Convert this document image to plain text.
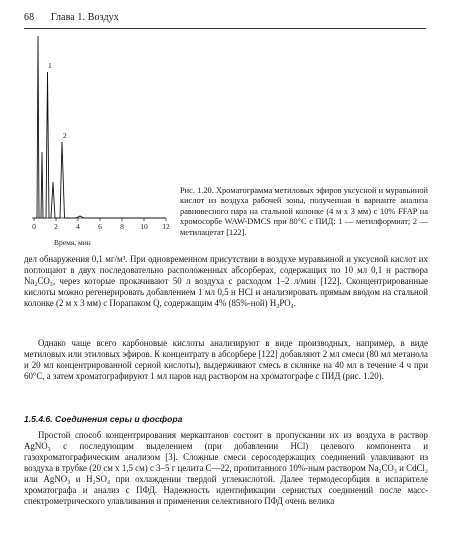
68 Глава 1. Воздух
0 2 4 6 8 10 12
1
2
Время, мин
Рис. 1.20. Хроматограмма метиловых эфиров уксусной и муравьиной кислот из воздуха рабочей зоны, полученная в варианте анализа равновесного пара на стальной колонке (4 м x 3 мм) с 10% FFAP на хромосорбе WAW-DMCS при 80°С с ПИД: 1 — метилформиат; 2 — метилацетат [122].

дел обнаружения 0,1 мг/м³. При одновременном присутствии в воздухе муравьиной и уксусной кислот их поглощают в двух последовательно расположенных абсорберах, содержащих по 10 мл 0,1 н раствора Na₂CO₃, через которые прокачивают 50 л воздуха с расходом 1–2 л/мин [122]. Сконцентрированные кислоты можно регенерировать добавлением 1 мл 0,5 н HCl и анализировать прямым вводом на стальной колонке (2 м x 3 мм) с Порапаком Q, содержащим 4% (85%-ной) H₃PO₄.

Однако чаще всего карбоновые кислоты анализируют в виде производных, например, в виде метиловых или этиловых эфиров. К концентрату в абсорбере [122] добавляют 2 мл смеси (80 мл метанола и 20 мл концентрированной серной кислоты), выдерживают смесь в склянке на 40 мл в течение 4 ч при 60°С, а затем хроматографируют 1 мл паров над раствором на хроматографе с ПИД (рис. 1.20).

1.5.4.6. Соединения серы и фосфора

Простой способ концентрирования меркаптанов состоит в пропускании их из воздуха в раствор AgNO₃ с последующим выделением (при добавлении HCl) целевого компонента и газохроматографическим анализом [3]. Сложные смеси серосодержащих соединений улавливают из воздуха в трубке (20 см x 1,5 см) с 3–5 г целита С—22, пропитанного 10%-ным раствором Na₂CO₃ и CdCl₂ или AgNO₃ и H₂SO₄ при охлаждении твердой углекислотой. Далее термодесорбция в испарителе хроматографа и анализ с ПФД. Надежность идентификации сернистых соединений после масс-спектрометрического улавливания и применения селективного ПФД очень велика
